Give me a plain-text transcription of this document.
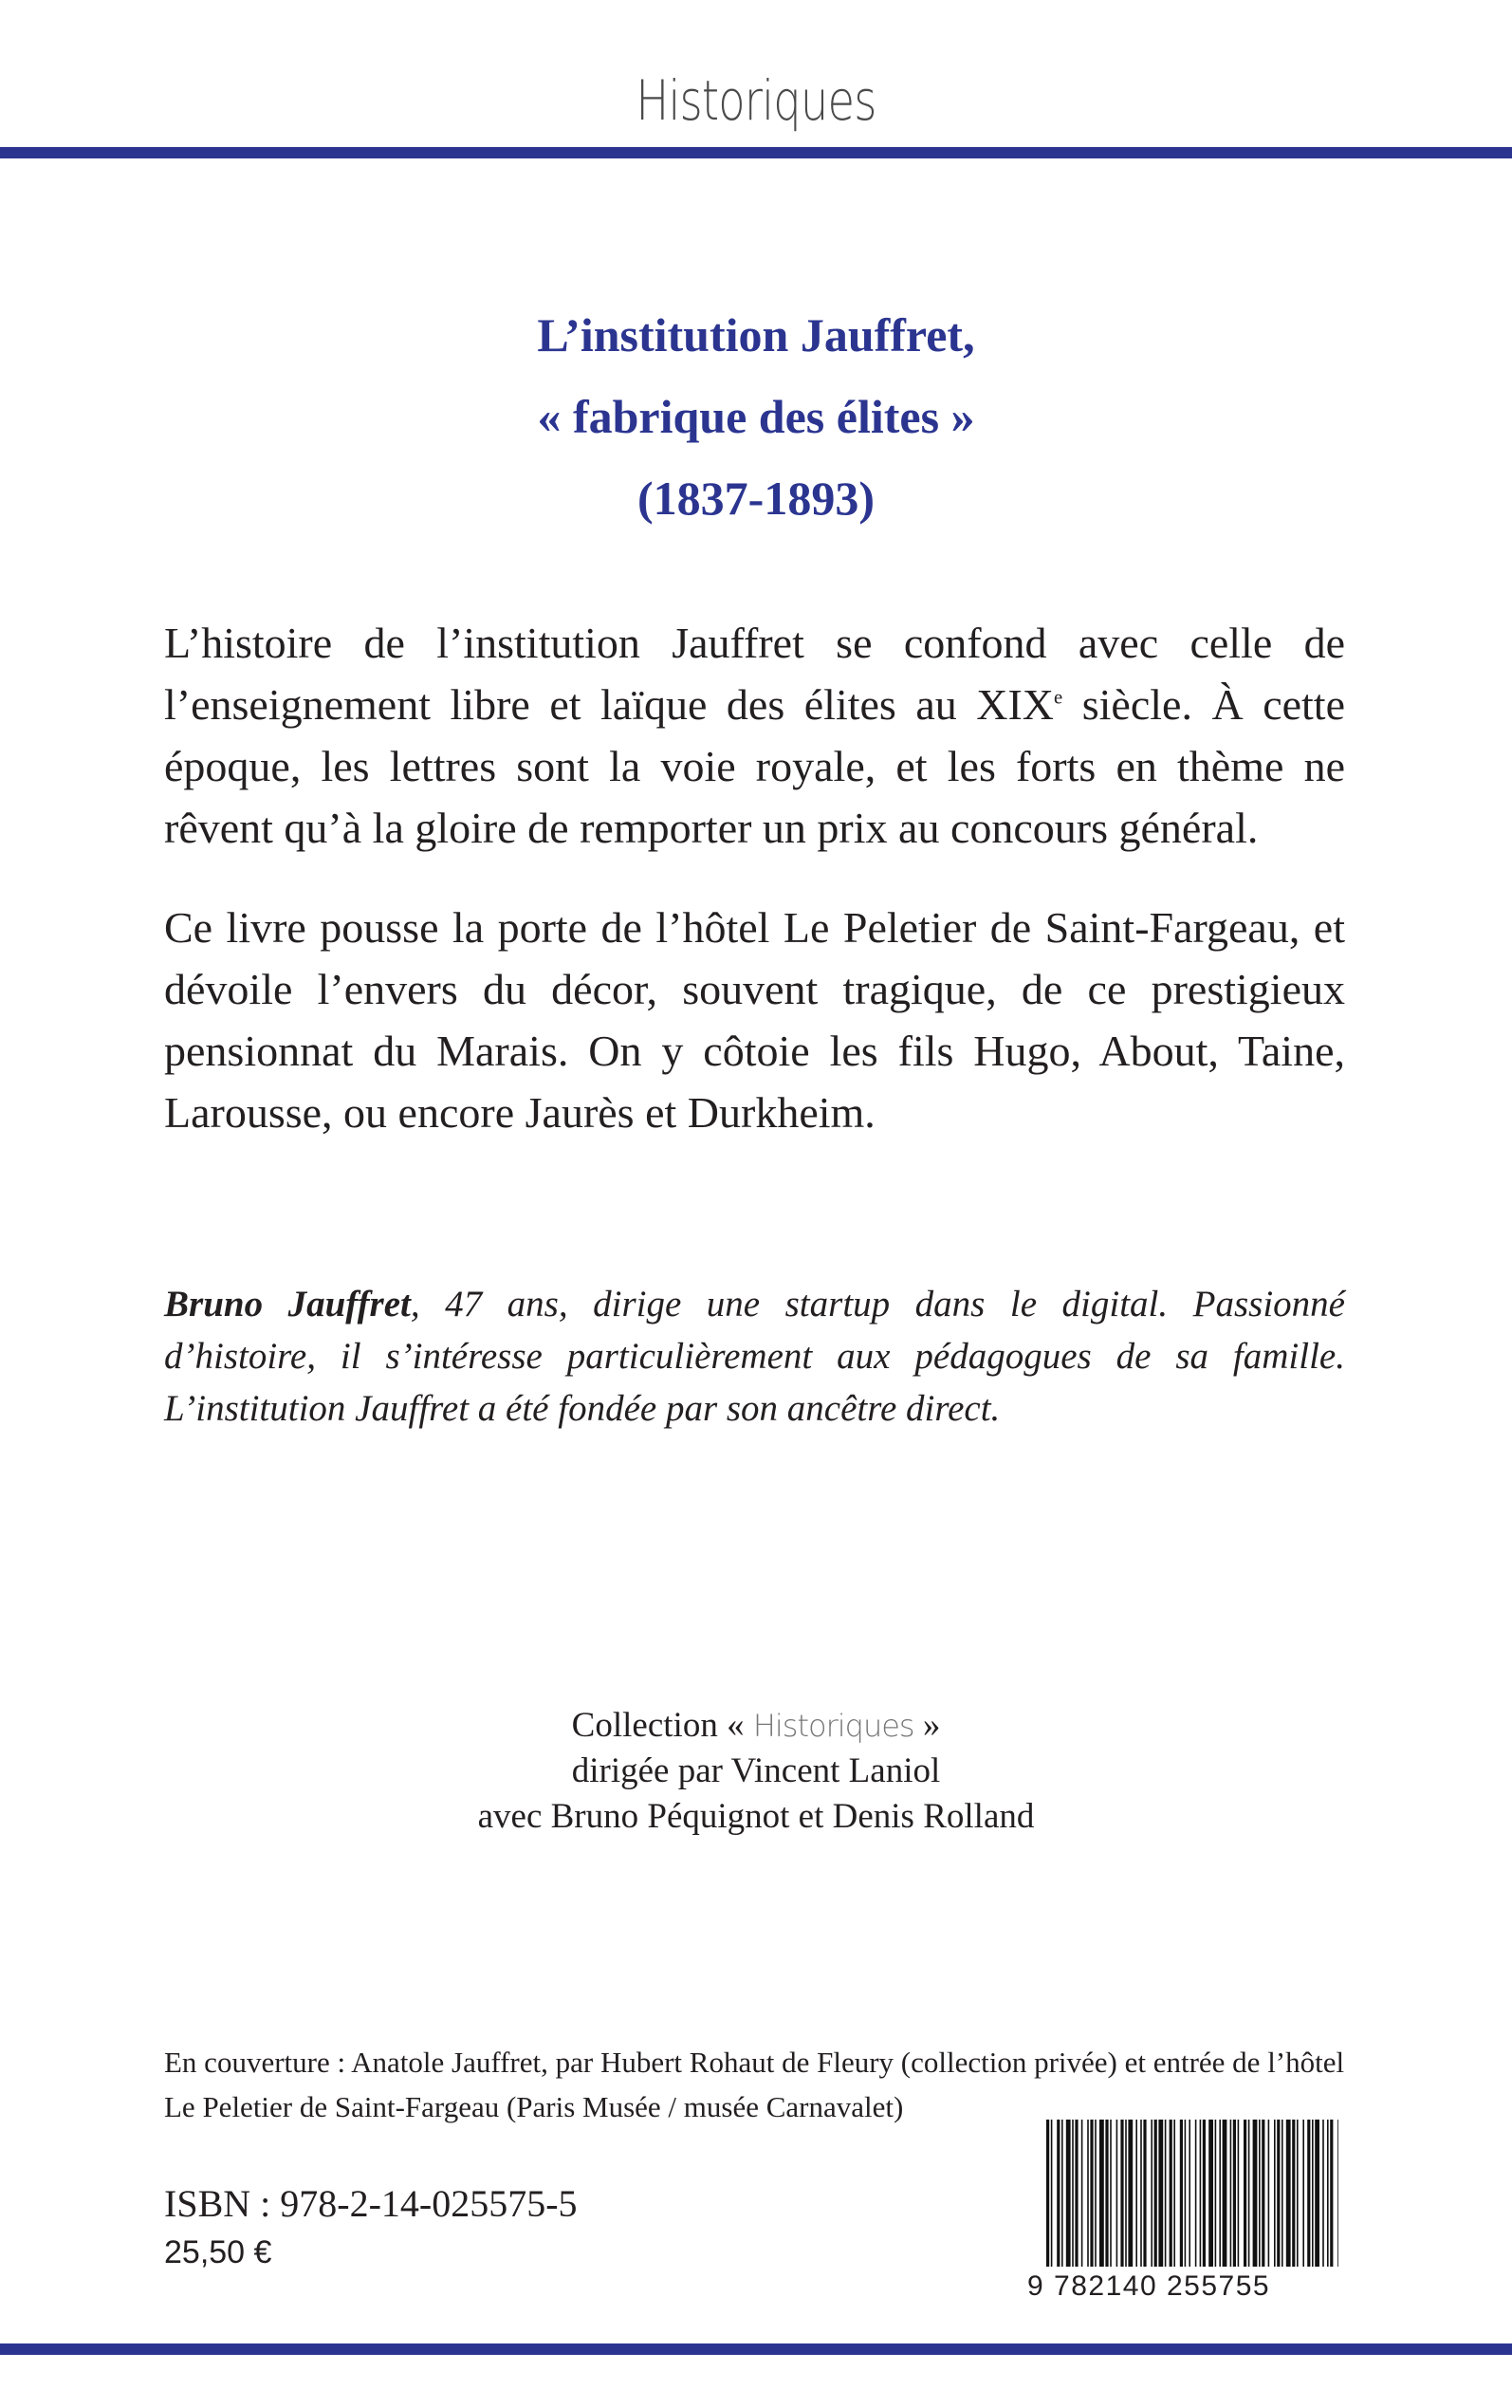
Historiques
L’institution Jauffret,
« fabrique des élites »
(1837-1893)

L’histoire de l’institution Jauffret se confond avec celle de l’enseignement libre et laïque des élites au XIXe siècle. À cette époque, les lettres sont la voie royale, et les forts en thème ne rêvent qu’à la gloire de remporter un prix au concours général.

Ce livre pousse la porte de l’hôtel Le Peletier de Saint-Fargeau, et dévoile l’envers du décor, souvent tragique, de ce prestigieux pensionnat du Marais. On y côtoie les fils Hugo, About, Taine, Larousse, ou encore Jaurès et Durkheim.

Bruno Jauffret, 47 ans, dirige une startup dans le digital. Passionné d’histoire, il s’intéresse particulièrement aux pédagogues de sa famille. L’institution Jauffret a été fondée par son ancêtre direct.

Collection « Historiques »
dirigée par Vincent Laniol
avec Bruno Péquignot et Denis Rolland
En couverture : Anatole Jauffret, par Hubert Rohaut de Fleury (collection privée) et entrée de l’hôtel Le Peletier de Saint-Fargeau (Paris Musée / musée Carnavalet)
ISBN : 978-2-14-025575-5
25,50 €
9 782140 255755
